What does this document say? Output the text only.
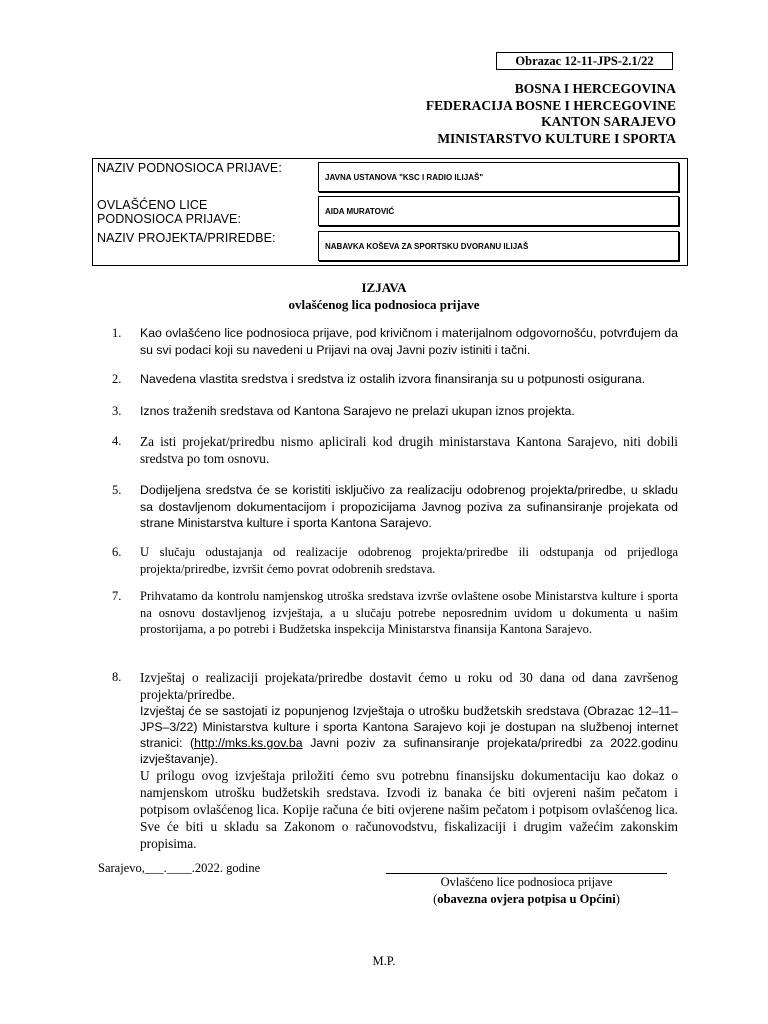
Obrazac 12-11-JPS-2.1/22
BOSNA I HERCEGOVINA
FEDERACIJA BOSNE I HERCEGOVINE
KANTON SARAJEVO
MINISTARSTVO KULTURE I SPORTA
NAZIV PODNOSIOCA PRIJAVE:
JAVNA USTANOVA "KSC I RADIO ILIJAŠ"
OVLAŠĆENO LICE
PODNOSIOCA PRIJAVE:
AIDA MURATOVIĆ
NAZIV PROJEKTA/PRIREDBE:
NABAVKA KOŠEVA ZA SPORTSKU DVORANU ILIJAŠ
IZJAVA
ovlašćenog lica podnosioca prijave
1. Kao ovlašćeno lice podnosioca prijave, pod krivičnom i materijalnom odgovornošću, potvrđujem da su svi podaci koji su navedeni u Prijavi na ovaj Javni poziv istiniti i tačni.
2. Navedena vlastita sredstva i sredstva iz ostalih izvora finansiranja su u potpunosti osigurana.
3. Iznos traženih sredstava od Kantona Sarajevo ne prelazi ukupan iznos projekta.
4. Za isti projekat/priredbu nismo aplicirali kod drugih ministarstava Kantona Sarajevo, niti dobili sredstva po tom osnovu.
5. Dodijeljena sredstva će se koristiti isključivo za realizaciju odobrenog projekta/priredbe, u skladu sa dostavljenom dokumentacijom i propozicijama Javnog poziva za sufinansiranje projekata od strane Ministarstva kulture i sporta Kantona Sarajevo.
6. U slučaju odustajanja od realizacije odobrenog projekta/priredbe ili odstupanja od prijedloga projekta/priredbe, izvršit ćemo povrat odobrenih sredstava.
7. Prihvatamo da kontrolu namjenskog utroška sredstava izvrše ovlaštene osobe Ministarstva kulture i sporta na osnovu dostavljenog izvještaja, a u slučaju potrebe neposrednim uvidom u dokumenta u našim prostorijama, a po potrebi i Budžetska inspekcija Ministarstva finansija Kantona Sarajevo.
8. Izvještaj o realizaciji projekata/priredbe dostavit ćemo u roku od 30 dana od dana završenog projekta/priredbe.
Izvještaj će se sastojati iz popunjenog Izvještaja o utrošku budžetskih sredstava (Obrazac 12–11–JPS–3/22) Ministarstva kulture i sporta Kantona Sarajevo koji je dostupan na službenoj internet stranici: (http://mks.ks.gov.ba Javni poziv za sufinansiranje projekata/priredbi za 2022.godinu izvještavanje).
U prilogu ovog izvještaja priložiti ćemo svu potrebnu finansijsku dokumentaciju kao dokaz o namjenskom utrošku budžetskih sredstava. Izvodi iz banaka će biti ovjereni našim pečatom i potpisom ovlašćenog lica. Kopije računa će biti ovjerene našim pečatom i potpisom ovlašćenog lica. Sve će biti u skladu sa Zakonom o računovodstvu, fiskalizaciji i drugim važećim zakonskim propisima.
Sarajevo,___.____.2022. godine
Ovlašćeno lice podnosioca prijave
(obavezna ovjera potpisa u Općini)
M.P.
